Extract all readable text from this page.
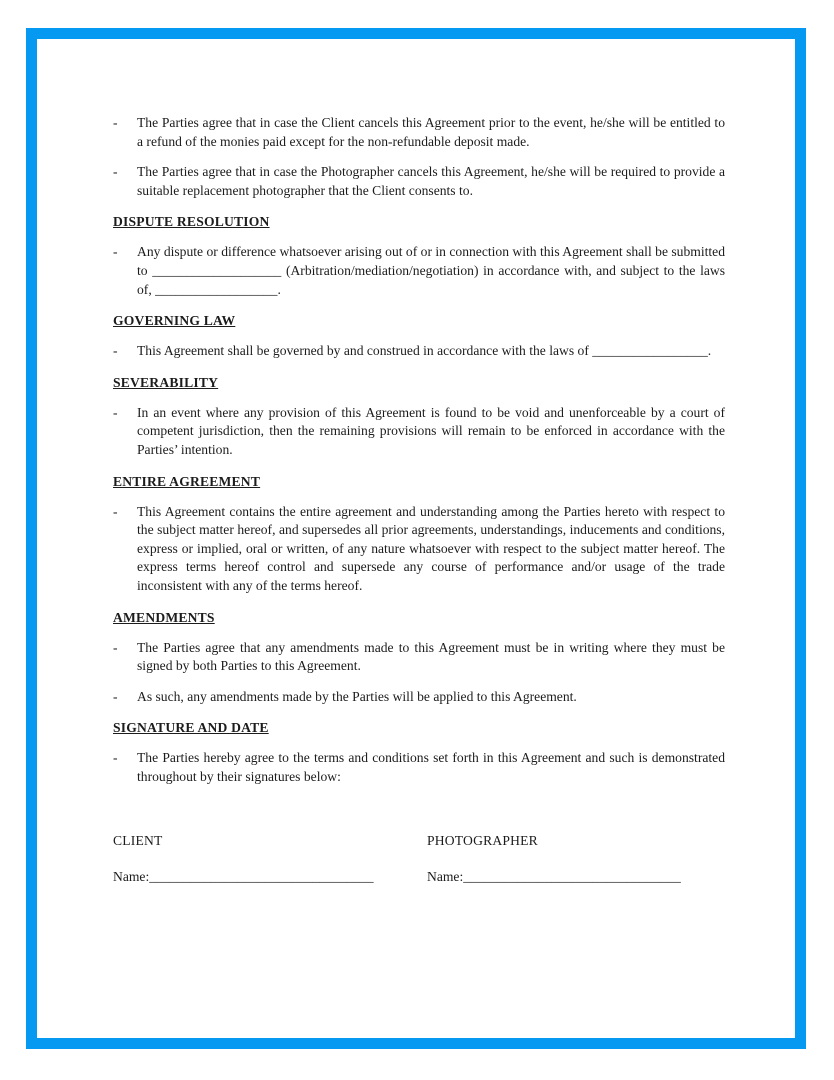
-	The Parties agree that in case the Client cancels this Agreement prior to the event, he/she will be entitled to a refund of the monies paid except for the non-refundable deposit made.

-	The Parties agree that in case the Photographer cancels this Agreement, he/she will be required to provide a suitable replacement photographer that the Client consents to.

DISPUTE RESOLUTION
-	Any dispute or difference whatsoever arising out of or in connection with this Agreement shall be submitted to ___________________ (Arbitration/mediation/negotiation) in accordance with, and subject to the laws of, __________________.

GOVERNING LAW
-	This Agreement shall be governed by and construed in accordance with the laws of _________________.

SEVERABILITY
-	In an event where any provision of this Agreement is found to be void and unenforceable by a court of competent jurisdiction, then the remaining provisions will remain to be enforced in accordance with the Parties’ intention.

ENTIRE AGREEMENT
-	This Agreement contains the entire agreement and understanding among the Parties hereto with respect to the subject matter hereof, and supersedes all prior agreements, understandings, inducements and conditions, express or implied, oral or written, of any nature whatsoever with respect to the subject matter hereof. The express terms hereof control and supersede any course of performance and/or usage of the trade inconsistent with any of the terms hereof.

AMENDMENTS
-	The Parties agree that any amendments made to this Agreement must be in writing where they must be signed by both Parties to this Agreement.

-	As such, any amendments made by the Parties will be applied to this Agreement.

SIGNATURE AND DATE
-	The Parties hereby agree to the terms and conditions set forth in this Agreement and such is demonstrated throughout by their signatures below:

CLIENT
Name:_________________________________
PHOTOGRAPHER
Name:________________________________
